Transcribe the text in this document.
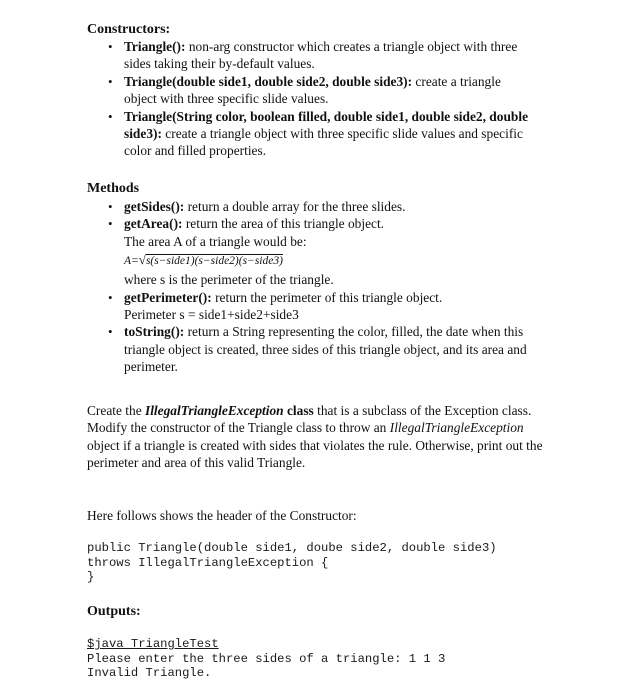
Constructors:
• Triangle(): non-arg constructor which creates a triangle object with three sides taking their by-default values.
• Triangle(double side1, double side2, double side3): create a triangle object with three specific slide values.
• Triangle(String color, boolean filled, double side1, double side2, double side3): create a triangle object with three specific slide values and specific color and filled properties.
Methods
• getSides(): return a double array for the three slides.
• getArea(): return the area of this triangle object.
The area A of a triangle would be:
A=√s(s−side1)(s−side2)(s−side3)
where s is the perimeter of the triangle.
• getPerimeter(): return the perimeter of this triangle object.
Perimeter s = side1+side2+side3
• toString(): return a String representing the color, filled, the date when this triangle object is created, three sides of this triangle object, and its area and perimeter.
Create the IllegalTriangleException class that is a subclass of the Exception class. Modify the constructor of the Triangle class to throw an IllegalTriangleException object if a triangle is created with sides that violates the rule. Otherwise, print out the perimeter and area of this valid Triangle.
Here follows shows the header of the Constructor:
public Triangle(double side1, doube side2, double side3)
throws IllegalTriangleException {
}
Outputs:
$java TriangleTest
Please enter the three sides of a triangle: 1 1 3
Invalid Triangle.
